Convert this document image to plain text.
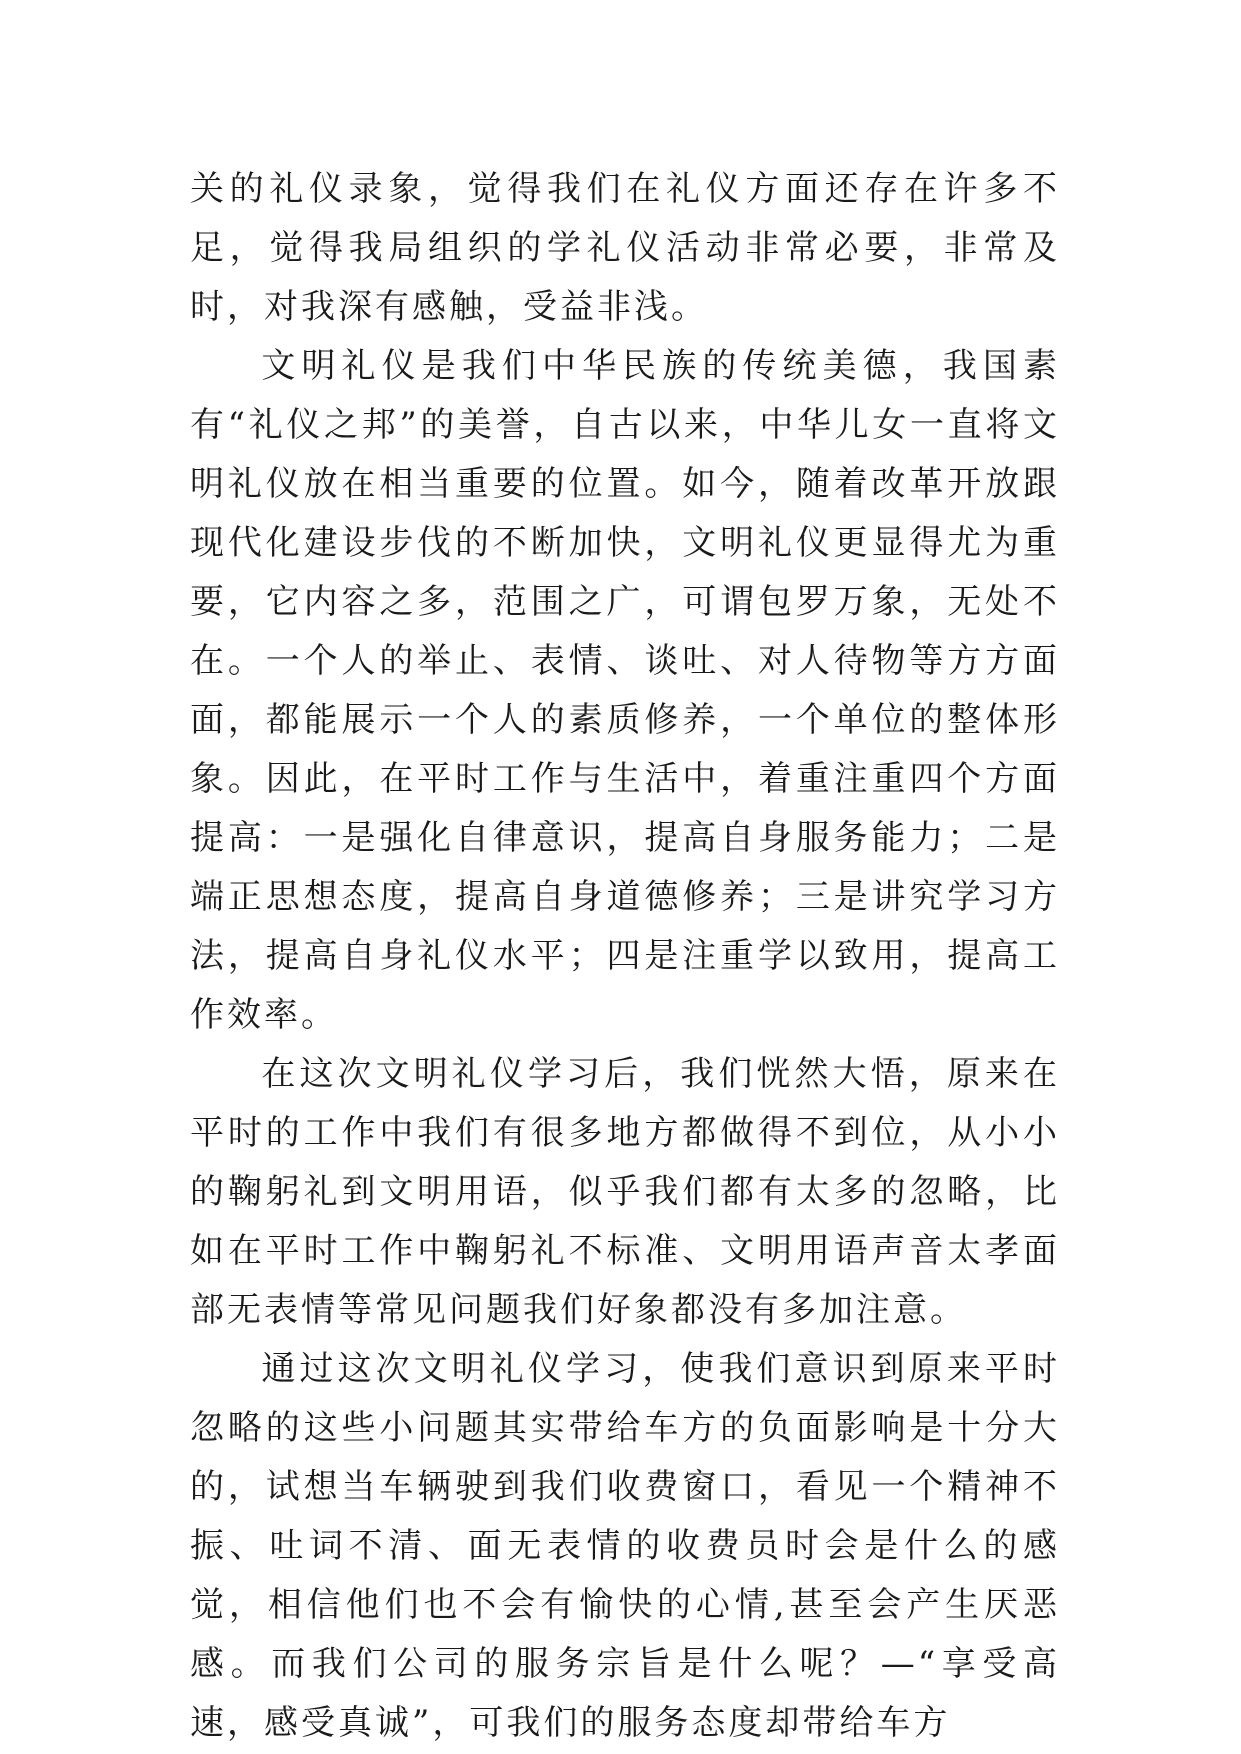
关的礼仪录象，觉得我们在礼仪方面还存在许多不足，觉得我局组织的学礼仪活动非常必要，非常及时，对我深有感触，受益非浅。

文明礼仪是我们中华民族的传统美德，我国素有“礼仪之邦”的美誉，自古以来，中华儿女一直将文明礼仪放在相当重要的位置。如今，随着改革开放跟现代化建设步伐的不断加快，文明礼仪更显得尤为重要，它内容之多，范围之广，可谓包罗万象，无处不在。一个人的举止、表情、谈吐、对人待物等方方面面，都能展示一个人的素质修养，一个单位的整体形象。因此，在平时工作与生活中，着重注重四个方面提高：一是强化自律意识，提高自身服务能力；二是端正思想态度，提高自身道德修养；三是讲究学习方法，提高自身礼仪水平；四是注重学以致用，提高工作效率。

在这次文明礼仪学习后，我们恍然大悟，原来在平时的工作中我们有很多地方都做得不到位，从小小的鞠躬礼到文明用语，似乎我们都有太多的忽略，比如在平时工作中鞠躬礼不标准、文明用语声音太孝面部无表情等常见问题我们好象都没有多加注意。

通过这次文明礼仪学习，使我们意识到原来平时忽略的这些小问题其实带给车方的负面影响是十分大的，试想当车辆驶到我们收费窗口，看见一个精神不振、吐词不清、面无表情的收费员时会是什么的感觉，相信他们也不会有愉快的心情,甚至会产生厌恶感。而我们公司的服务宗旨是什么呢？—“享受高速，感受真诚”，可我们的服务态度却带给车方
